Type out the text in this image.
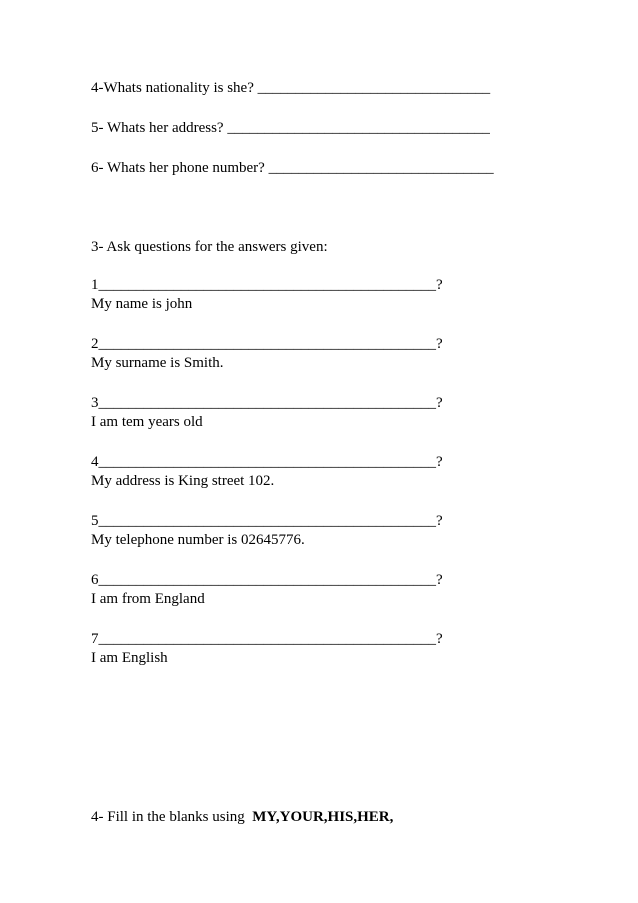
4-Whats nationality is she? _______________________________

5- Whats her address? ___________________________________

6- Whats her phone number? ______________________________

3- Ask questions for the answers given:

1_____________________________________________?

My name is john

2_____________________________________________?

My surname is Smith.

3_____________________________________________?

I am tem years old

4_____________________________________________?

My address is King street 102.

5_____________________________________________?

My telephone number is 02645776.

6_____________________________________________?

I am from England

7_____________________________________________?

I am English

4- Fill in the blanks using MY,YOUR,HIS,HER,
